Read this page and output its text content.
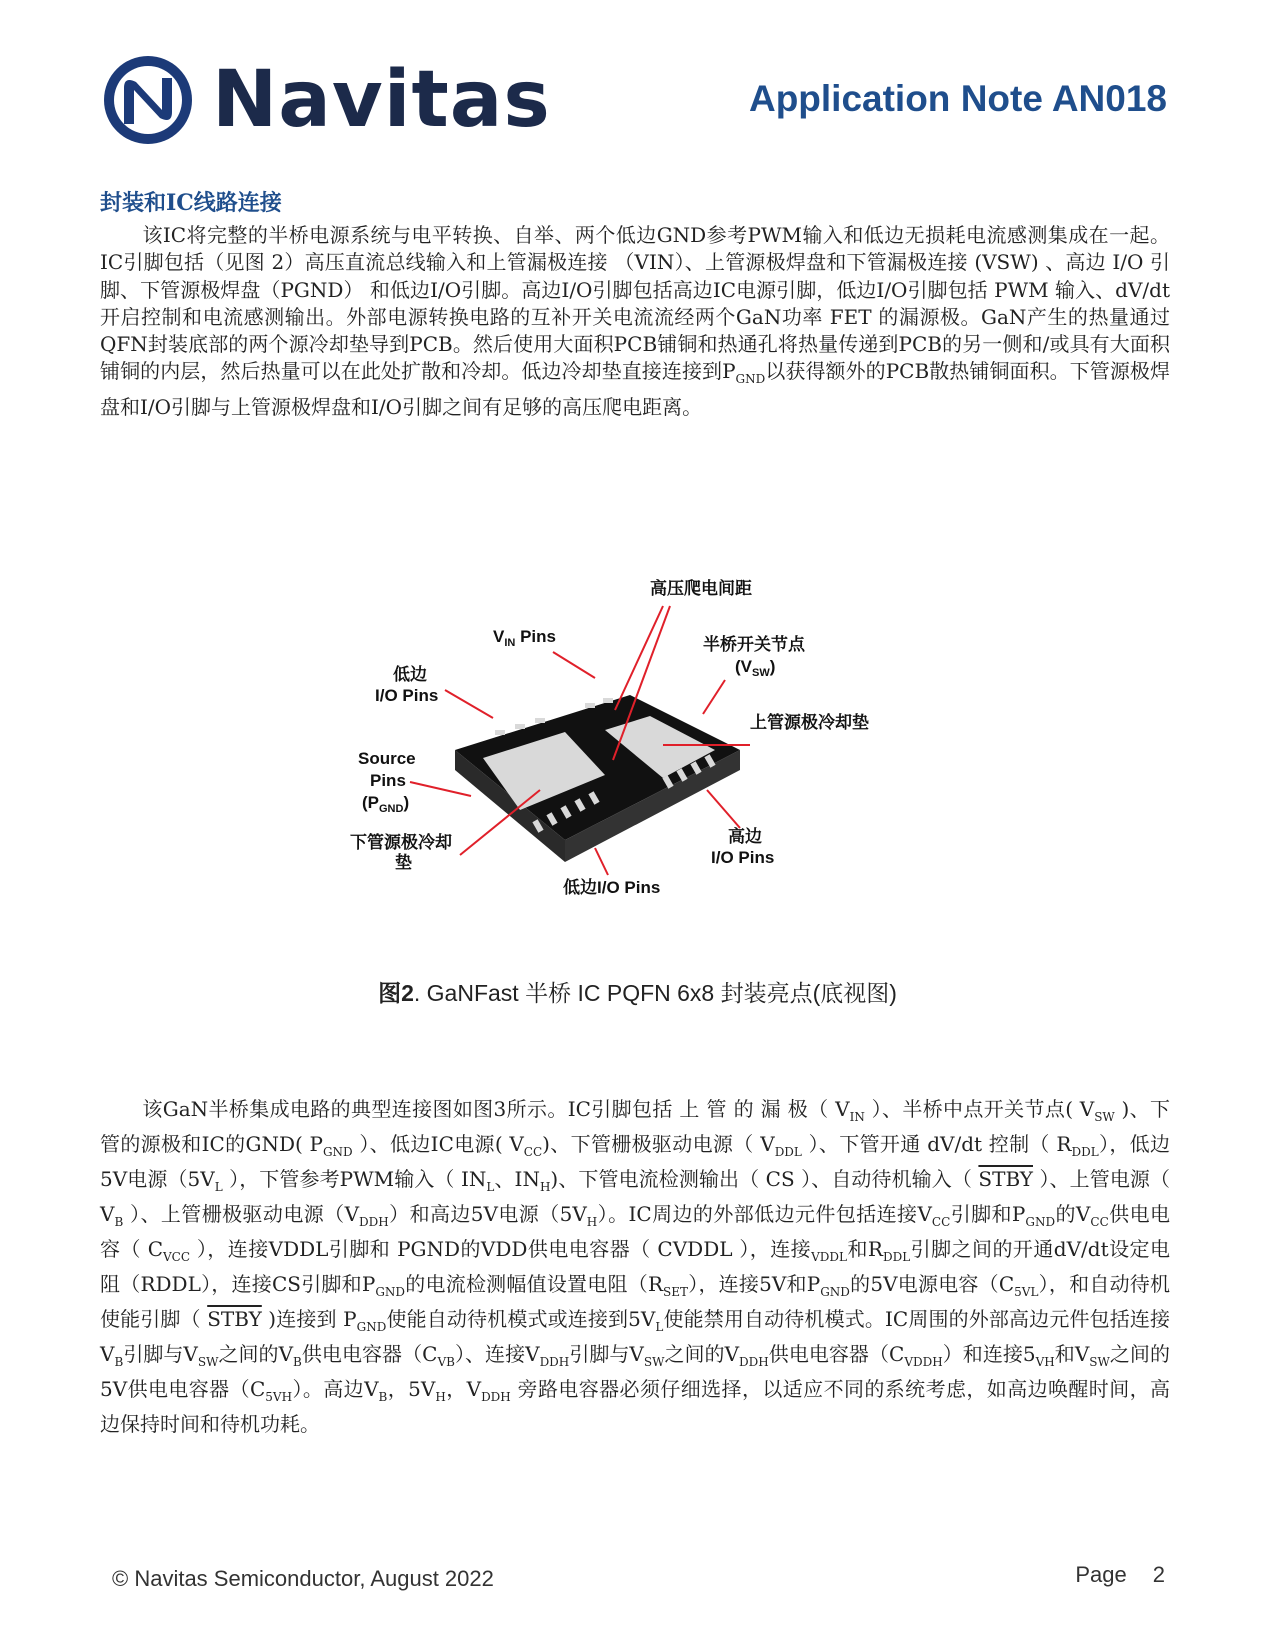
Navitas	Application Note AN018
封装和IC线路连接
该IC将完整的半桥电源系统与电平转换、自举、两个低边GND参考PWM输入和低边无损耗电流感测集成在一起。IC引脚包括（见图 2）高压直流总线输入和上管漏极连接 （VIN）、上管源极焊盘和下管漏极连接 (VSW) 、高边 I/O 引脚、下管源极焊盘（PGND） 和低边I/O引脚。高边I/O引脚包括高边IC电源引脚，低边I/O引脚包括 PWM 输入、dV/dt开启控制和电流感测输出。外部电源转换电路的互补开关电流流经两个GaN功率 FET 的漏源极。GaN产生的热量通过QFN封装底部的两个源冷却垫导到PCB。然后使用大面积PCB铺铜和热通孔将热量传递到PCB的另一侧和/或具有大面积铺铜的内层，然后热量可以在此处扩散和冷却。低边冷却垫直接连接到$P_{GND}$以获得额外的PCB散热铺铜面积。下管源极焊盘和I/O引脚与上管源极焊盘和I/O引脚之间有足够的高压爬电距离。
高压爬电间距
$V_{IN}$ Pins	半桥开关节点
$(V_{SW})$
低边
I/O Pins
上管源极冷却垫
Source
Pins
$(P_{GND})$
下管源极冷却
垫
高边
I/O Pins
低边I/O Pins
图2. GaNFast 半桥 IC PQFN 6x8 封装亮点(底视图)
该GaN半桥集成电路的典型连接图如图3所示。IC引脚包括 上 管 的 漏 极（ $V_{IN}$ ）、半桥中点开关节点( $V_{SW}$ )、下管的源极和IC的GND( $P_{GND}$ ）、低边IC电源( $V_{CC}$)、下管栅极驱动电源（ $V_{DDL}$ ）、下管开通 dV/dt 控制（ $R_{DDL}$），低边5V电源（$5V_L$ ），下管参考PWM输入（ $IN_L$、$IN_H$)、下管电流检测输出（ CS ）、自动待机输入（ STBY ）、上管电源（ $V_B$ ）、上管栅极驱动电源$(V_{DDH})$和高边5V电源$(5V_H)$。IC周边的外部低边元件包括连接$V_{CC}$引脚和$P_{GND}$的$V_{CC}$供电电容（ $C_{VCC}$ ），连接VDDL引脚和 PGND的VDD供电电容器（ CVDDL ），连接$_{VDDL}$和$R_{DDL}$引脚之间的开通dV/dt设定电阻（RDDL），连接CS引脚和$P_{GND}$的电流检测幅值设置电阻$(R_{SET})$，连接5V和$P_{GND}$的5V电源电容$(C_{5VL})$，和自动待机使能引脚（ STBY )连接到 $P_{GND}$使能自动待机模式或连接到$5V_L$使能禁用自动待机模式。IC周围的外部高边元件包括连接$V_B$引脚与$V_{SW}$之间的$V_B$供电电容器$(C_{VB})$、连接$V_{DDH}$引脚与$V_{SW}$之间的$V_{DDH}$供电电容器$(C_{VDDH})$和连接$5_{VH}$和$V_{SW}$之间的5V供电电容器$(C_{5VH})$。高边$V_B$，$5V_H$，$V_{DDH}$ 旁路电容器必须仔细选择，以适应不同的系统考虑，如高边唤醒时间，高边保持时间和待机功耗。
© Navitas Semiconductor, August 2022	Page 2
